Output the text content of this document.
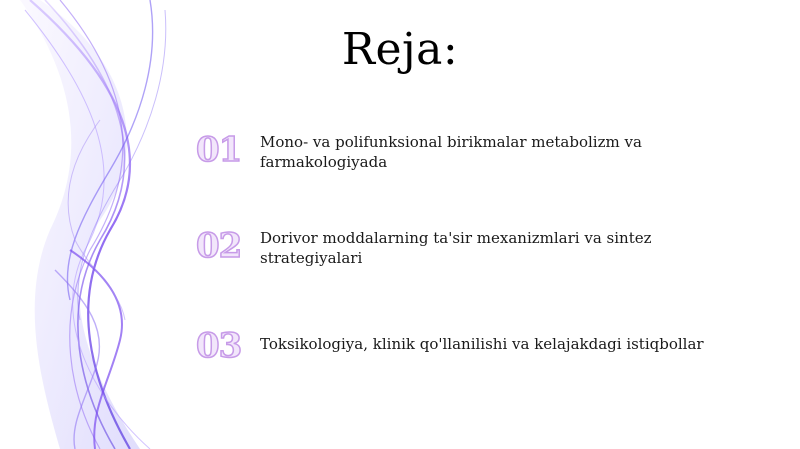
Reja:
01	Mono- va polifunksional birikmalar metabolizm va farmakologiyada
02	Dorivor moddalarning ta'sir mexanizmlari va sintez strategiyalari
03	Toksikologiya, klinik qo'llanilishi va kelajakdagi istiqbollar
